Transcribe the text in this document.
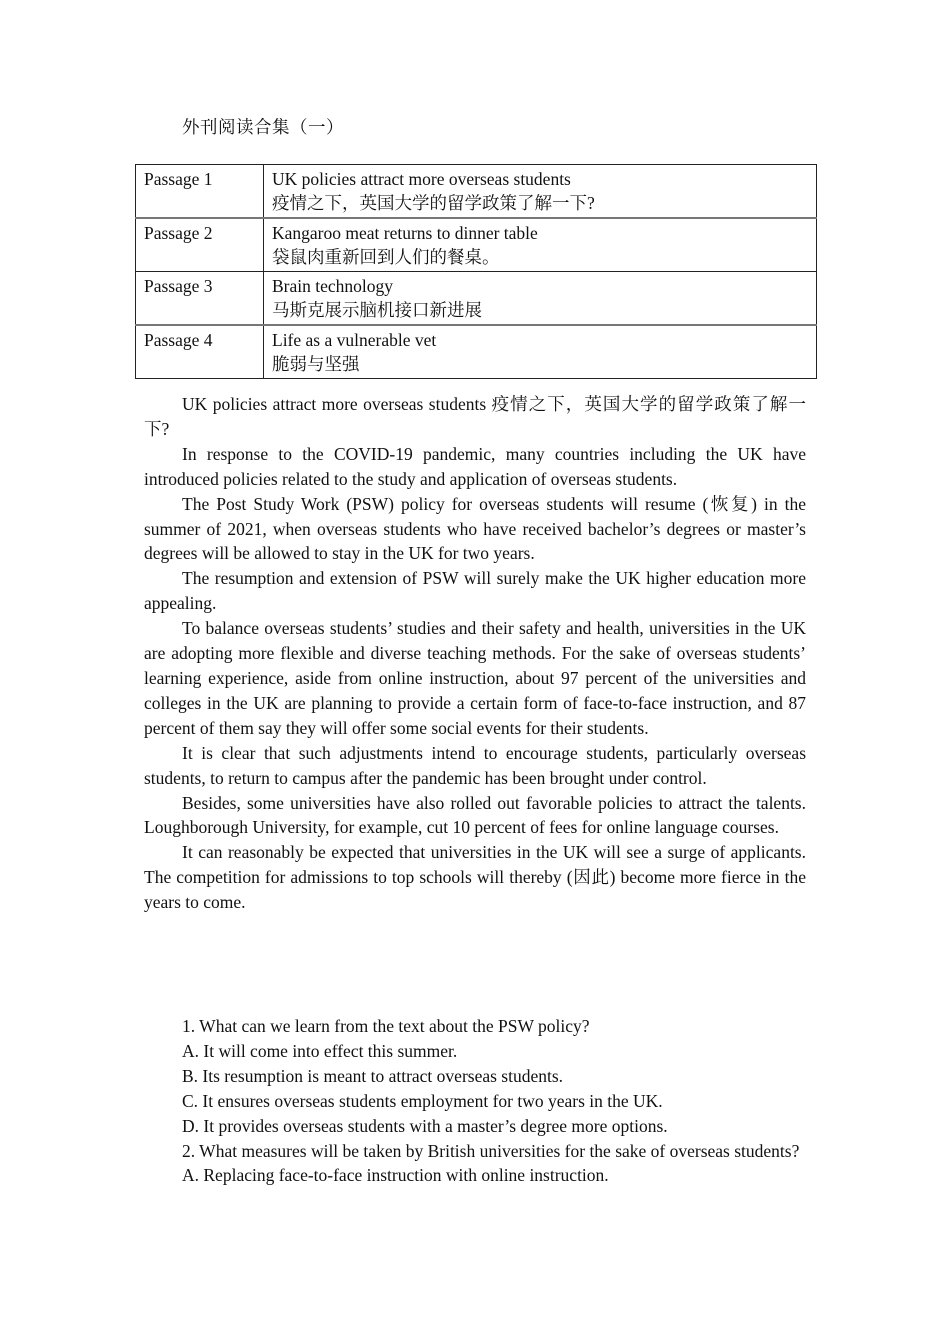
外刊阅读合集（一）
Passage 1	UK policies attract more overseas students
疫情之下，英国大学的留学政策了解一下?

Passage 2	Kangaroo meat returns to dinner table
袋鼠肉重新回到人们的餐桌。

Passage 3	Brain technology
马斯克展示脑机接口新进展

Passage 4	Life as a vulnerable vet
脆弱与坚强

UK policies attract more overseas students 疫情之下，英国大学的留学政策了解一下?

In response to the COVID-19 pandemic, many countries including the UK have introduced policies related to the study and application of overseas students.

The Post Study Work (PSW) policy for overseas students will resume (恢复) in the summer of 2021, when overseas students who have received bachelor’s degrees or master’s degrees will be allowed to stay in the UK for two years.

The resumption and extension of PSW will surely make the UK higher education more appealing.

To balance overseas students’ studies and their safety and health, universities in the UK are adopting more flexible and diverse teaching methods. For the sake of overseas students’ learning experience, aside from online instruction, about 97 percent of the universities and colleges in the UK are planning to provide a certain form of face-to-face instruction, and 87 percent of them say they will offer some social events for their students.

It is clear that such adjustments intend to encourage students, particularly overseas students, to return to campus after the pandemic has been brought under control.

Besides, some universities have also rolled out favorable policies to attract the talents. Loughborough University, for example, cut 10 percent of fees for online language courses.

It can reasonably be expected that universities in the UK will see a surge of applicants. The competition for admissions to top schools will thereby (因此) become more fierce in the years to come.

1. What can we learn from the text about the PSW policy?

A. It will come into effect this summer.

B. Its resumption is meant to attract overseas students.

C. It ensures overseas students employment for two years in the UK.

D. It provides overseas students with a master’s degree more options.

2. What measures will be taken by British universities for the sake of overseas students?

A. Replacing face-to-face instruction with online instruction.
